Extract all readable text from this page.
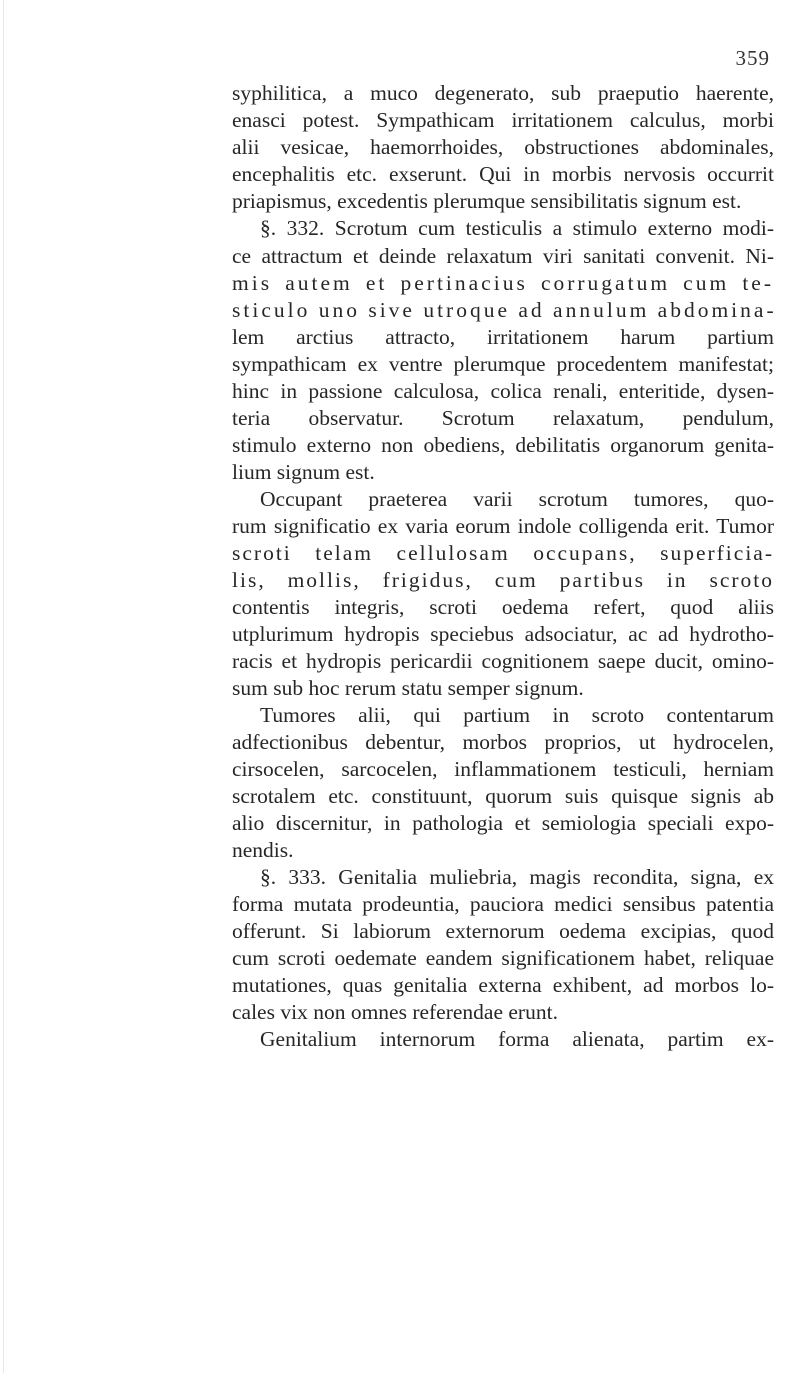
359
syphilitica, a muco degenerato, sub praeputio haerente,
enasci potest. Sympathicam irritationem calculus, morbi
alii vesicae, haemorrhoides, obstructiones abdominales,
encephalitis etc. exserunt. Qui in morbis nervosis occurrit
priapismus, excedentis plerumque sensibilitatis signum est.
§. 332. Scrotum cum testiculis a stimulo externo modi-
ce attractum et deinde relaxatum viri sanitati convenit. Ni-
mis autem et pertinacius corrugatum cum te-
sticulo uno sive utroque ad annulum abdomina-
lem arctius attracto, irritationem harum partium
sympathicam ex ventre plerumque procedentem manifestat;
hinc in passione calculosa, colica renali, enteritide, dysen-
teria observatur. Scrotum relaxatum, pendulum,
stimulo externo non obediens, debilitatis organorum genita-
lium signum est.
Occupant praeterea varii scrotum tumores, quo-
rum significatio ex varia eorum indole colligenda erit. Tumor
scroti telam cellulosam occupans, superficia-
lis, mollis, frigidus, cum partibus in scroto
contentis integris, scroti oedema refert, quod aliis
utplurimum hydropis speciebus adsociatur, ac ad hydrotho-
racis et hydropis pericardii cognitionem saepe ducit, omino-
sum sub hoc rerum statu semper signum.
Tumores alii, qui partium in scroto contentarum
adfectionibus debentur, morbos proprios, ut hydrocelen,
cirsocelen, sarcocelen, inflammationem testiculi, herniam
scrotalem etc. constituunt, quorum suis quisque signis ab
alio discernitur, in pathologia et semiologia speciali expo-
nendis.
§. 333. Genitalia muliebria, magis recondita, signa, ex
forma mutata prodeuntia, pauciora medici sensibus patentia
offerunt. Si labiorum externorum oedema excipias, quod
cum scroti oedemate eandem significationem habet, reliquae
mutationes, quas genitalia externa exhibent, ad morbos lo-
cales vix non omnes referendae erunt.
Genitalium internorum forma alienata, partim ex-
